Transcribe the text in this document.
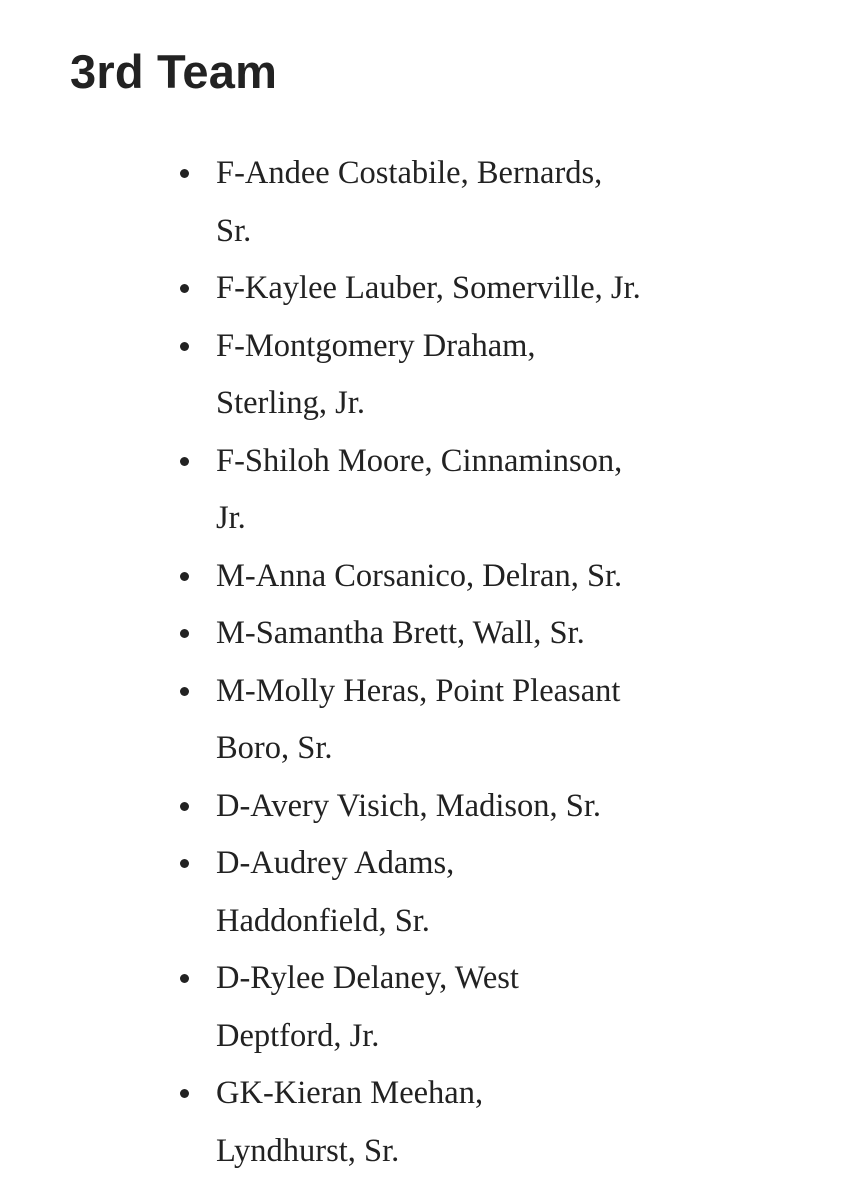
3rd Team
F-Andee Costabile, Bernards,
Sr.
F-Kaylee Lauber, Somerville, Jr.
F-Montgomery Draham,
Sterling, Jr.
F-Shiloh Moore, Cinnaminson,
Jr.
M-Anna Corsanico, Delran, Sr.
M-Samantha Brett, Wall, Sr.
M-Molly Heras, Point Pleasant
Boro, Sr.
D-Avery Visich, Madison, Sr.
D-Audrey Adams,
Haddonfield, Sr.
D-Rylee Delaney, West
Deptford, Jr.
GK-Kieran Meehan,
Lyndhurst, Sr.
